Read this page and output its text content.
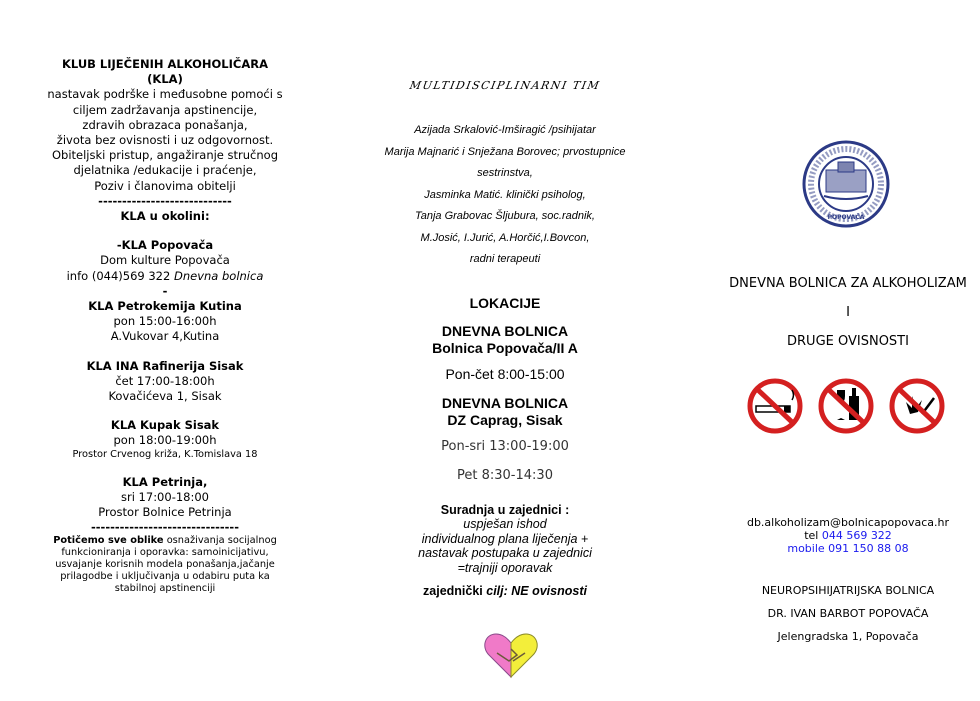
KLUB LIJEČENIH ALKOHOLIČARA
(KLA)
nastavak podrške i međusobne pomoći s
ciljem zadržavanja apstinencije,
zdravih obrazaca ponašanja,
života bez ovisnosti i uz odgovornost.
Obiteljski pristup, angažiranje stručnog
djelatnika /edukacije i praćenje,
Poziv i članovima obitelji
----------------------------
KLA u okolini:
-KLA Popovača
Dom kulture Popovača
info (044)569 322 Dnevna bolnica
-
KLA Petrokemija Kutina
pon 15:00-16:00h
A.Vukovar 4,Kutina
KLA INA Rafinerija Sisak
čet 17:00-18:00h
Kovačićeva 1, Sisak
KLA Kupak Sisak
pon 18:00-19:00h
Prostor Crvenog križa, K.Tomislava 18
KLA Petrinja,
sri 17:00-18:00
Prostor Bolnice Petrinja
-------------------------------
Potičemo sve oblike osnaživanja socijalnog funkcioniranja i oporavka: samoinicijativu, usvajanje korisnih modela ponašanja,jačanje prilagodbe i uključivanja u odabiru puta ka stabilnoj apstinenciji
MULTIDISCIPLINARNI TIM
Azijada Srkalović-Imširagić /psihijatar
Marija Majnarić i Snježana Borovec; prvostupnice
sestrinstva,
Jasminka Matić. klinički psiholog,
Tanja Grabovac Šljubura, soc.radnik,
M.Josić, I.Jurić, A.Horčić,I.Bovcon,
radni terapeuti
LOKACIJE
DNEVNA BOLNICA
Bolnica Popovača/II A
Pon-čet 8:00-15:00
DNEVNA BOLNICA
DZ Caprag, Sisak
Pon-sri 13:00-19:00
Pet 8:30-14:30
Suradnja u zajednici :
uspješan ishod
individualnog plana liječenja +
nastavak postupaka u zajednici
=trajniji oporavak
zajednički cilj: NE ovisnosti
POPOVAČA
DNEVNA BOLNICA ZA ALKOHOLIZAM I
DRUGE OVISNOSTI
db.alkoholizam@bolnicapopovaca.hr
tel 044 569 322
mobile 091 150 88 08
NEUROPSIHIJATRIJSKA BOLNICA
DR. IVAN BARBOT POPOVAČA
Jelengradska 1, Popovača
